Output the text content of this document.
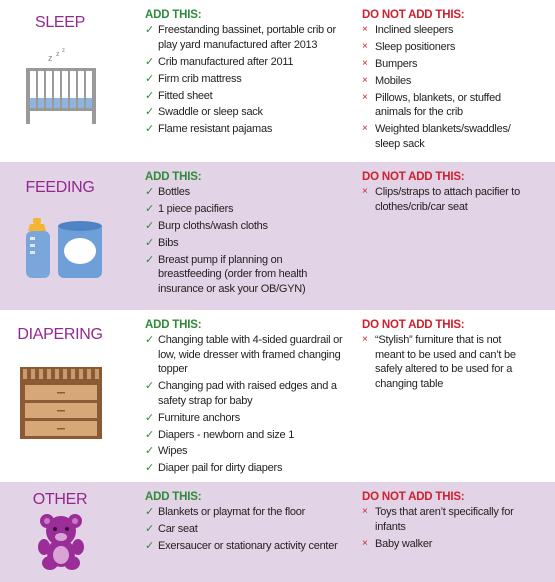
SLEEP
z z z
ADD THIS:
✓ Freestanding bassinet, portable crib or play yard manufactured after 2013
✓ Crib manufactured after 2011
✓ Firm crib mattress
✓ Fitted sheet
✓ Swaddle or sleep sack
✓ Flame resistant pajamas
DO NOT ADD THIS:
× Inclined sleepers
× Sleep positioners
× Bumpers
× Mobiles
× Pillows, blankets, or stuffed animals for the crib
× Weighted blankets/swaddles/ sleep sack
FEEDING
ADD THIS:
✓ Bottles
✓ 1 piece pacifiers
✓ Burp cloths/wash cloths
✓ Bibs
✓ Breast pump if planning on breastfeeding (order from health insurance or ask your OB/GYN)
DO NOT ADD THIS:
× Clips/straps to attach pacifier to clothes/crib/car seat
DIAPERING
ADD THIS:
✓ Changing table with 4-sided guardrail or low, wide dresser with framed changing topper
✓ Changing pad with raised edges and a safety strap for baby
✓ Furniture anchors
✓ Diapers - newborn and size 1
✓ Wipes
✓ Diaper pail for dirty diapers
DO NOT ADD THIS:
× “Stylish” furniture that is not meant to be used and can’t be safely altered to be used for a changing table
OTHER	ADD THIS:
✓ Blankets or playmat for the floor
✓ Car seat
✓ Exersaucer or stationary activity center
DO NOT ADD THIS:
× Toys that aren’t specifically for infants
× Baby walker
